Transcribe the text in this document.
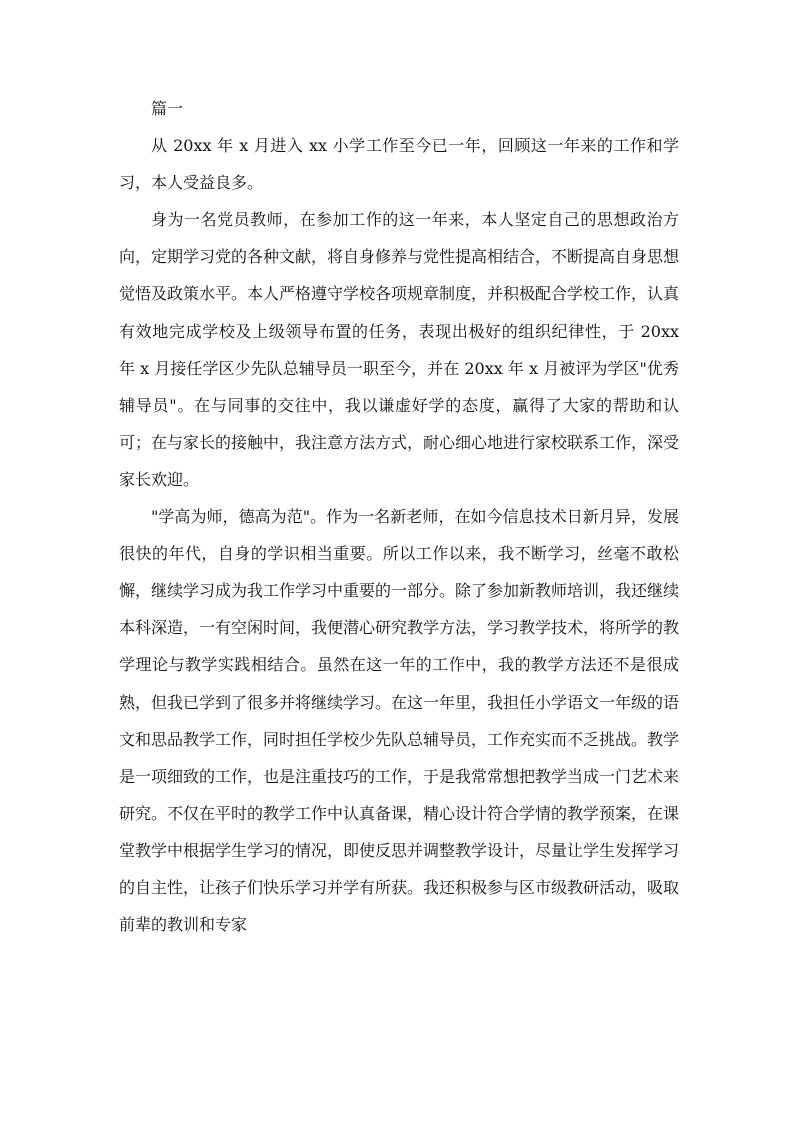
篇一

从 20xx 年 x 月进入 xx 小学工作至今已一年，回顾这一年来的工作和学习，本人受益良多。

身为一名党员教师，在参加工作的这一年来，本人坚定自己的思想政治方向，定期学习党的各种文献，将自身修养与党性提高相结合，不断提高自身思想觉悟及政策水平。本人严格遵守学校各项规章制度，并积极配合学校工作，认真有效地完成学校及上级领导布置的任务，表现出极好的组织纪律性，于 20xx 年 x 月接任学区少先队总辅导员一职至今，并在 20xx 年 x 月被评为学区"优秀辅导员"。在与同事的交往中，我以谦虚好学的态度，赢得了大家的帮助和认可；在与家长的接触中，我注意方法方式，耐心细心地进行家校联系工作，深受家长欢迎。

"学高为师，德高为范"。作为一名新老师，在如今信息技术日新月异，发展很快的年代，自身的学识相当重要。所以工作以来，我不断学习，丝毫不敢松懈，继续学习成为我工作学习中重要的一部分。除了参加新教师培训，我还继续本科深造，一有空闲时间，我便潜心研究教学方法，学习教学技术，将所学的教学理论与教学实践相结合。虽然在这一年的工作中，我的教学方法还不是很成熟，但我已学到了很多并将继续学习。在这一年里，我担任小学语文一年级的语文和思品教学工作，同时担任学校少先队总辅导员，工作充实而不乏挑战。教学是一项细致的工作，也是注重技巧的工作，于是我常常想把教学当成一门艺术来研究。不仅在平时的教学工作中认真备课，精心设计符合学情的教学预案，在课堂教学中根据学生学习的情况，即使反思并调整教学设计，尽量让学生发挥学习的自主性，让孩子们快乐学习并学有所获。我还积极参与区市级教研活动，吸取前辈的教训和专家
